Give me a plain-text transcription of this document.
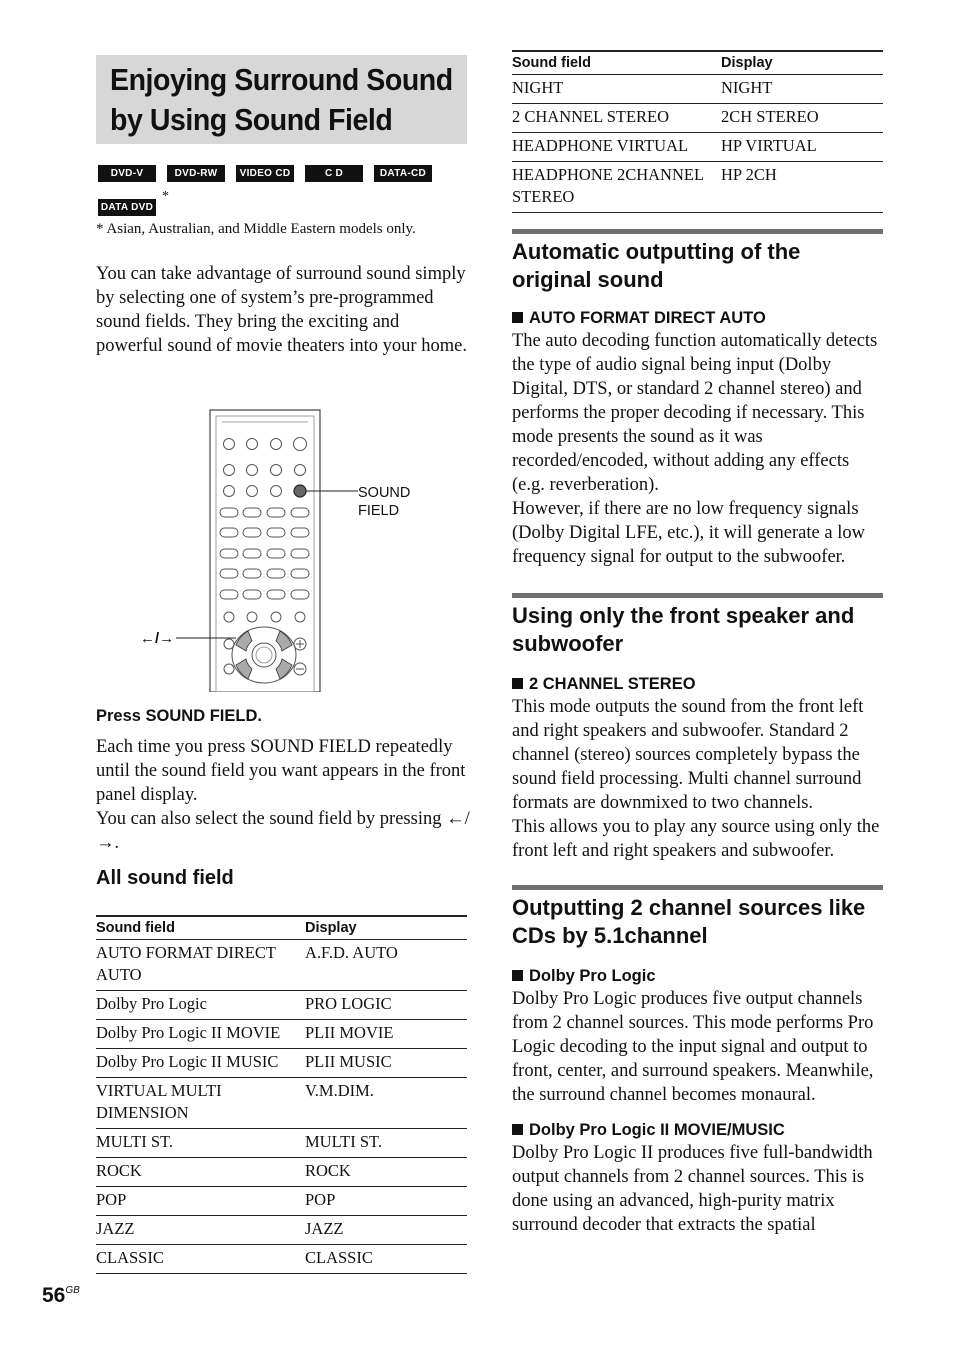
Enjoying Surround Sound
by Using Sound Field
DVD-V	DVD-RW	VIDEO CD	C D	DATA-CD
DATA DVD
*
* Asian, Australian, and Middle Eastern models only.

You can take advantage of surround sound simply by selecting one of system’s pre-programmed sound fields. They bring the exciting and powerful sound of movie theaters into your home.

SOUND
FIELD
←/→
Press SOUND FIELD.

Each time you press SOUND FIELD repeatedly until the sound field you want appears in the front panel display.

You can also select the sound field by pressing ←/→.

All sound field
Sound field	Display
AUTO FORMAT DIRECT AUTO	A.F.D. AUTO
Dolby Pro Logic	PRO LOGIC
Dolby Pro Logic II MOVIE	PLII MOVIE
Dolby Pro Logic II MUSIC	PLII MUSIC
VIRTUAL MULTI DIMENSION	V.M.DIM.
MULTI ST.	MULTI ST.
ROCK	ROCK
POP	POP
JAZZ	JAZZ
CLASSIC	CLASSIC
$56^{GB}$
Sound field	Display
NIGHT	NIGHT
2 CHANNEL STEREO	2CH STEREO
HEADPHONE VIRTUAL	HP VIRTUAL
HEADPHONE 2CHANNEL STEREO	HP 2CH
Automatic outputting of the original sound
AUTO FORMAT DIRECT AUTO

The auto decoding function automatically detects the type of audio signal being input (Dolby Digital, DTS, or standard 2 channel stereo) and performs the proper decoding if necessary. This mode presents the sound as it was recorded/encoded, without adding any effects (e.g. reverberation).

However, if there are no low frequency signals (Dolby Digital LFE, etc.), it will generate a low frequency signal for output to the subwoofer.

Using only the front speaker and subwoofer
2 CHANNEL STEREO

This mode outputs the sound from the front left and right speakers and subwoofer. Standard 2 channel (stereo) sources completely bypass the sound field processing. Multi channel surround formats are downmixed to two channels.

This allows you to play any source using only the front left and right speakers and subwoofer.

Outputting 2 channel sources like CDs by 5.1channel
Dolby Pro Logic

Dolby Pro Logic produces five output channels from 2 channel sources. This mode performs Pro Logic decoding to the input signal and output to front, center, and surround speakers. Meanwhile, the surround channel becomes monaural.

Dolby Pro Logic II MOVIE/MUSIC

Dolby Pro Logic II produces five full-bandwidth output channels from 2 channel sources. This is done using an advanced, high-purity matrix surround decoder that extracts the spatial
